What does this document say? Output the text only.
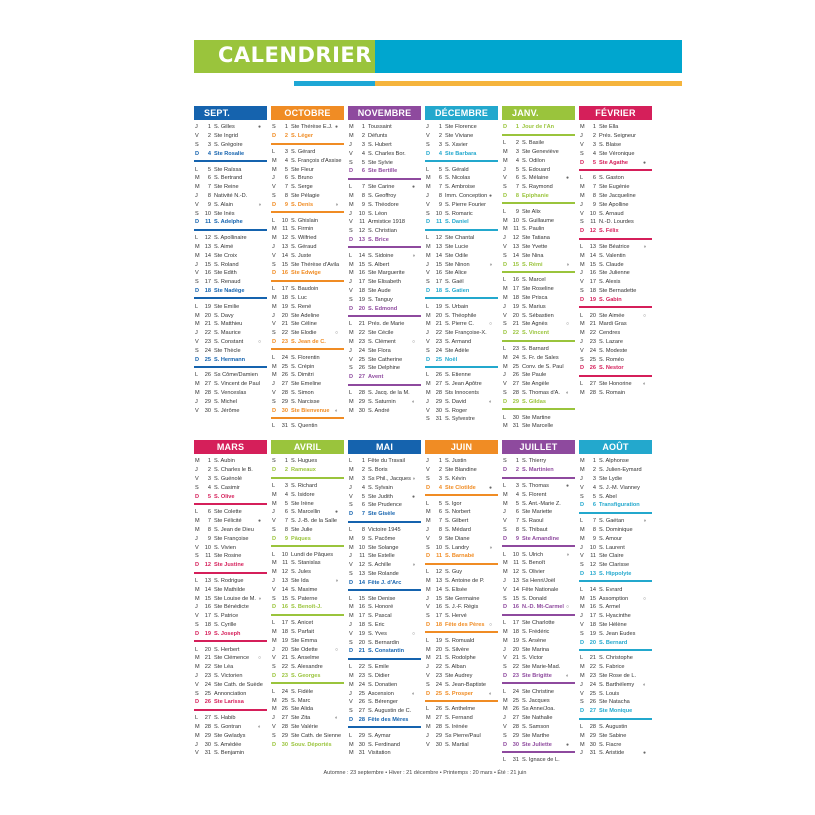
CALENDRIER
SEPT.
J	1 S. Gilles	●
V	2 Ste Ingrid
S	3 S. Grégoire
D	4 Ste Rosalie
L	5 Ste Raïssa
M	6 S. Bertrand
M	7 Ste Reine
J	8 Nativité N.-D.
V	9 S. Alain	◑
S	10 Ste Inès
D	11 S. Adelphe
L	12 S. Apollinaire
M 13 S. Aimé
M 14 Ste Croix
J	15 S. Roland
V	16 Ste Edith
S	17 S. Renaud
D	18 Ste Nadège
L	19 Ste Émilie
M 20 S. Davy
M 21 S. Matthieu
J	22 S. Maurice
V	23 S. Constant	○
S	24 Ste Thècle
D	25 S. Hermann
L	26 Ss Côme/Damien
M 27 S. Vincent de Paul
M 28 S. Venceslas
J	29 S. Michel
V	30 S. Jérôme
OCTOBRE
S	1 Ste Thérèse E.J. ●
D	2 S. Léger
L	3 S. Gérard
M	4 S. François d'Assise
M	5 Ste Fleur
J	6 S. Bruno
V	7 S. Serge
S	8 Ste Pélagie
D	9 S. Denis	◑
L	10 S. Ghislain
M 11 S. Firmin
M 12 S. Wilfried
J	13 S. Géraud
V	14 S. Juste
S	15 Ste Thérèse d'Avila
D	16 Ste Edwige
L	17 S. Baudoin
M 18 S. Luc
M 19 S. René
J	20 Ste Adeline
V	21 Ste Céline
S	22 Ste Elodie	○
D	23 S. Jean de C.
L	24 S. Florentin
M 25 S. Crépin
M 26 S. Dimitri
J	27 Ste Emeline
V	28 S. Simon
S	29 S. Narcisse
D	30 Ste Bienvenue	◐
L	31 S. Quentin
NOVEMBRE
M	1 Toussaint
M	2 Défunts
J	3 S. Hubert
V	4 S. Charles Bor.
S	5 Ste Sylvie
D	6 Ste Bertille
L	7 Ste Carine	●
M	8 S. Geoffroy
M	9 S. Théodore
J	10 S. Léon
V	11 Armistice 1918
S	12 S. Christian
D	13 S. Brice
L	14 S. Sidoine	◑
M 15 S. Albert
M 16 Ste Marguerite
J	17 Ste Elisabeth
V	18 Ste Aude
S	19 S. Tanguy
D	20 S. Edmond
L	21 Prés. de Marie
M 22 Ste Cécile
M 23 S. Clément	○
J	24 Ste Flora
V	25 Ste Catherine
S	26 Ste Delphine
D	27 Avent
L	28 S. Jacq. de la M.
M 29 S. Saturnin	◐
M 30 S. André
DÉCEMBRE
J	1 Ste Florence
V	2 Ste Viviane
S	3 S. Xavier
D	4 Ste Barbara
L	5 S. Gérald
M	6 S. Nicolas
M	7 S. Ambroise
J	8 Imm. Conception ●
V	9 S. Pierre Fourier
S	10 S. Romaric
D	11 S. Daniel
L	12 Ste Chantal
M 13 Ste Lucie
M 14 Ste Odile
J	15 Ste Ninon	◑
V	16 Ste Alice
S	17 S. Gaël
D	18 S. Gatien
L	19 S. Urbain
M 20 S. Théophile
M 21 S. Pierre C.	○
J	22 Ste Françoise-X.
V	23 S. Armand
S	24 Ste Adèle
D	25 Noël
L	26 S. Étienne
M 27 S. Jean Apôtre
M 28 Sts Innocents
J	29 S. David	◐
V	30 S. Roger
S	31 S. Sylvestre
JANV.
D	1 Jour de l'An
L	2 S. Basile
M	3 Ste Geneviève
M	4 S. Odilon
J	5 S. Édouard
V	6 S. Mélaine	●
S	7 S. Raymond
D	8 Épiphanie
L	9 Ste Alix
M 10 S. Guillaume
M 11 S. Paulin
J	12 Ste Tatiana
V	13 Ste Yvette
S	14 Ste Nina
D	15 S. Rémi	◑
L	16 S. Marcel
M 17 Ste Roseline
M 18 Ste Prisca
J	19 S. Marius
V	20 S. Sébastien
S	21 Ste Agnès	○
D	22 S. Vincent
L	23 S. Barnard
M 24 S. Fr. de Sales
M 25 Conv. de S. Paul
J	26 Ste Paule
V	27 Ste Angèle
S	28 S. Thomas d'A.	◐
D	29 S. Gildas
L	30 Ste Martine
M 31 Ste Marcelle
FÉVRIER
M	1 Ste Ella
J	2 Prés. Seigneur
V	3 S. Blaise
S	4 Ste Véronique
D	5 Ste Agathe	●
L	6 S. Gaston
M	7 Ste Eugénie
M	8 Ste Jacqueline
J	9 Ste Apolline
V	10 S. Arnaud
S	11 N.-D. Lourdes
D	12 S. Félix
L	13 Ste Béatrice	◑
M 14 S. Valentin
M 15 S. Claude
J	16 Ste Julienne
V	17 S. Alexis
S	18 Ste Bernadette
D	19 S. Gabin
L	20 Ste Aimée	○
M 21 Mardi Gras
M 22 Cendres
J	23 S. Lazare
V	24 S. Modeste
S	25 S. Roméo
D	26 S. Nestor
L	27 Ste Honorine	◐
M 28 S. Romain
MARS
M	1 S. Aubin
J	2 S. Charles le B.
V	3 S. Guénolé
S	4 S. Casimir
D	5 S. Olive
L	6 Ste Colette
M	7 Ste Félicité	●
M	8 S. Jean de Dieu
J	9 Ste Françoise
V	10 S. Vivien
S	11 Ste Rosine
D	12 Ste Justine
L	13 S. Rodrigue
M 14 Ste Mathilde
M 15 Ste Louise de M. ◑
J	16 Ste Bénédicte
V	17 S. Patrice
S	18 S. Cyrille
D	19 S. Joseph
L	20 S. Herbert
M 21 Ste Clémence	○
M 22 Ste Léa
J	23 S. Victorien
V	24 Ste Cath. de Suède
S	25 Annonciation
D	26 Ste Larissa
L	27 S. Habib
M 28 S. Gontran	◐
M 29 Ste Gwladys
J	30 S. Amédée
V	31 S. Benjamin
AVRIL
S	1 S. Hugues
D	2 Rameaux
L	3 S. Richard
M	4 S. Isidore
M	5 Ste Irène
J	6 S. Marcellin	●
V	7 S. J.-B. de la Salle
S	8 Ste Julie
D	9 Pâques
L	10 Lundi de Pâques
M 11 S. Stanislas
M 12 S. Jules
J	13 Ste Ida	◑
V	14 S. Maxime
S	15 S. Paterne
D	16 S. Benoît-J.
L	17 S. Anicet
M 18 S. Parfait
M 19 Ste Emma
J	20 Ste Odette	○
V	21 S. Anselme
S	22 S. Alexandre
D	23 S. Georges
L	24 S. Fidèle
M 25 S. Marc
M 26 Ste Alida
J	27 Ste Zita	◐
V	28 Ste Valérie
S	29 Ste Cath. de Sienne
D	30 Souv. Déportés
MAI
L	1 Fête du Travail
M	2 S. Boris
M	3 Ss Phil., Jacques ◑
J	4 S. Sylvain
V	5 Ste Judith	●
S	6 Ste Prudence
D	7 Ste Gisèle
L	8 Victoire 1945
M	9 S. Pacôme
M 10 Ste Solange
J	11 Ste Estelle
V	12 S. Achille	◑
S	13 Ste Rolande
D	14 Fête J. d'Arc
L	15 Ste Denise
M 16 S. Honoré
M 17 S. Pascal
J	18 S. Éric
V	19 S. Yves	○
S	20 S. Bernardin
D	21 S. Constantin
L	22 S. Émile
M 23 S. Didier
M 24 S. Donatien
J	25 Ascension	◐
V	26 S. Bérenger
S	27 S. Augustin de C.
D	28 Fête des Mères
L	29 S. Aymar
M 30 S. Ferdinand
M 31 Visitation
JUIN
J	1 S. Justin
V	2 Ste Blandine
S	3 S. Kévin
D	4 Ste Clotilde	●
L	5 S. Igor
M	6 S. Norbert
M	7 S. Gilbert
J	8 S. Médard
V	9 Ste Diane
S	10 S. Landry	◑
D	11 S. Barnabé
L	12 S. Guy
M 13 S. Antoine de P.
M 14 S. Élisée
J	15 Ste Germaine
V	16 S. J.-F. Régis
S	17 S. Hervé
D	18 Fête des Pères ○
L	19 S. Romuald
M 20 S. Silvère
M 21 S. Rodolphe
J	22 S. Alban
V	23 Ste Audrey
S	24 S. Jean-Baptiste
D	25 S. Prosper	◐
L	26 S. Anthelme
M 27 S. Fernand
M 28 S. Irénée
J	29 Ss Pierre/Paul
V	30 S. Martial
JUILLET
S	1 S. Thierry
D	2 S. Martinien
L	3 S. Thomas	●
M	4 S. Florent
M	5 S. Ant.-Marie Z.
J	6 Ste Mariette
V	7 S. Raoul
S	8 S. Thibaut
D	9 Ste Amandine
L	10 S. Ulrich	◑
M 11 S. Benoît
M 12 S. Olivier
J	13 Ss Henri/Joël
V	14 Fête Nationale
S	15 S. Donald
D	16 N.-D. Mt-Carmel ○
L	17 Ste Charlotte
M 18 S. Frédéric
M 19 S. Arsène
J	20 Ste Marina
V	21 S. Victor
S	22 Ste Marie-Mad.
D	23 Ste Brigitte	◐
L	24 Ste Christine
M 25 S. Jacques
M 26 Ss Anne/Joa.
J	27 Ste Nathalie
V	28 S. Samson
S	29 Ste Marthe
D	30 Ste Juliette	●
L	31 S. Ignace de L.
AOÛT
M	1 S. Alphonse
M	2 S. Julien-Eymard
J	3 Ste Lydie
V	4 S. J.-M. Vianney
S	5 S. Abel
D	6 Transfiguration
L	7 S. Gaétan	◑
M	8 S. Dominique
M	9 S. Amour
J	10 S. Laurent
V	11 Ste Claire
S	12 Ste Clarisse
D	13 S. Hippolyte
L	14 S. Evrard
M 15 Assomption	○
M 16 S. Armel
J	17 S. Hyacinthe
V	18 Ste Hélène
S	19 S. Jean Eudes
D	20 S. Bernard
L	21 S. Christophe
M 22 S. Fabrice
M 23 Ste Rose de L.
J	24 S. Barthélemy	◐
V	25 S. Louis
S	26 Ste Natacha
D	27 Ste Monique
L	28 S. Augustin
M 29 Ste Sabine
M 30 S. Fiacre
J	31 S. Aristide	●
Automne : 23 septembre • Hiver : 21 décembre • Printemps : 20 mars • Été : 21 juin
